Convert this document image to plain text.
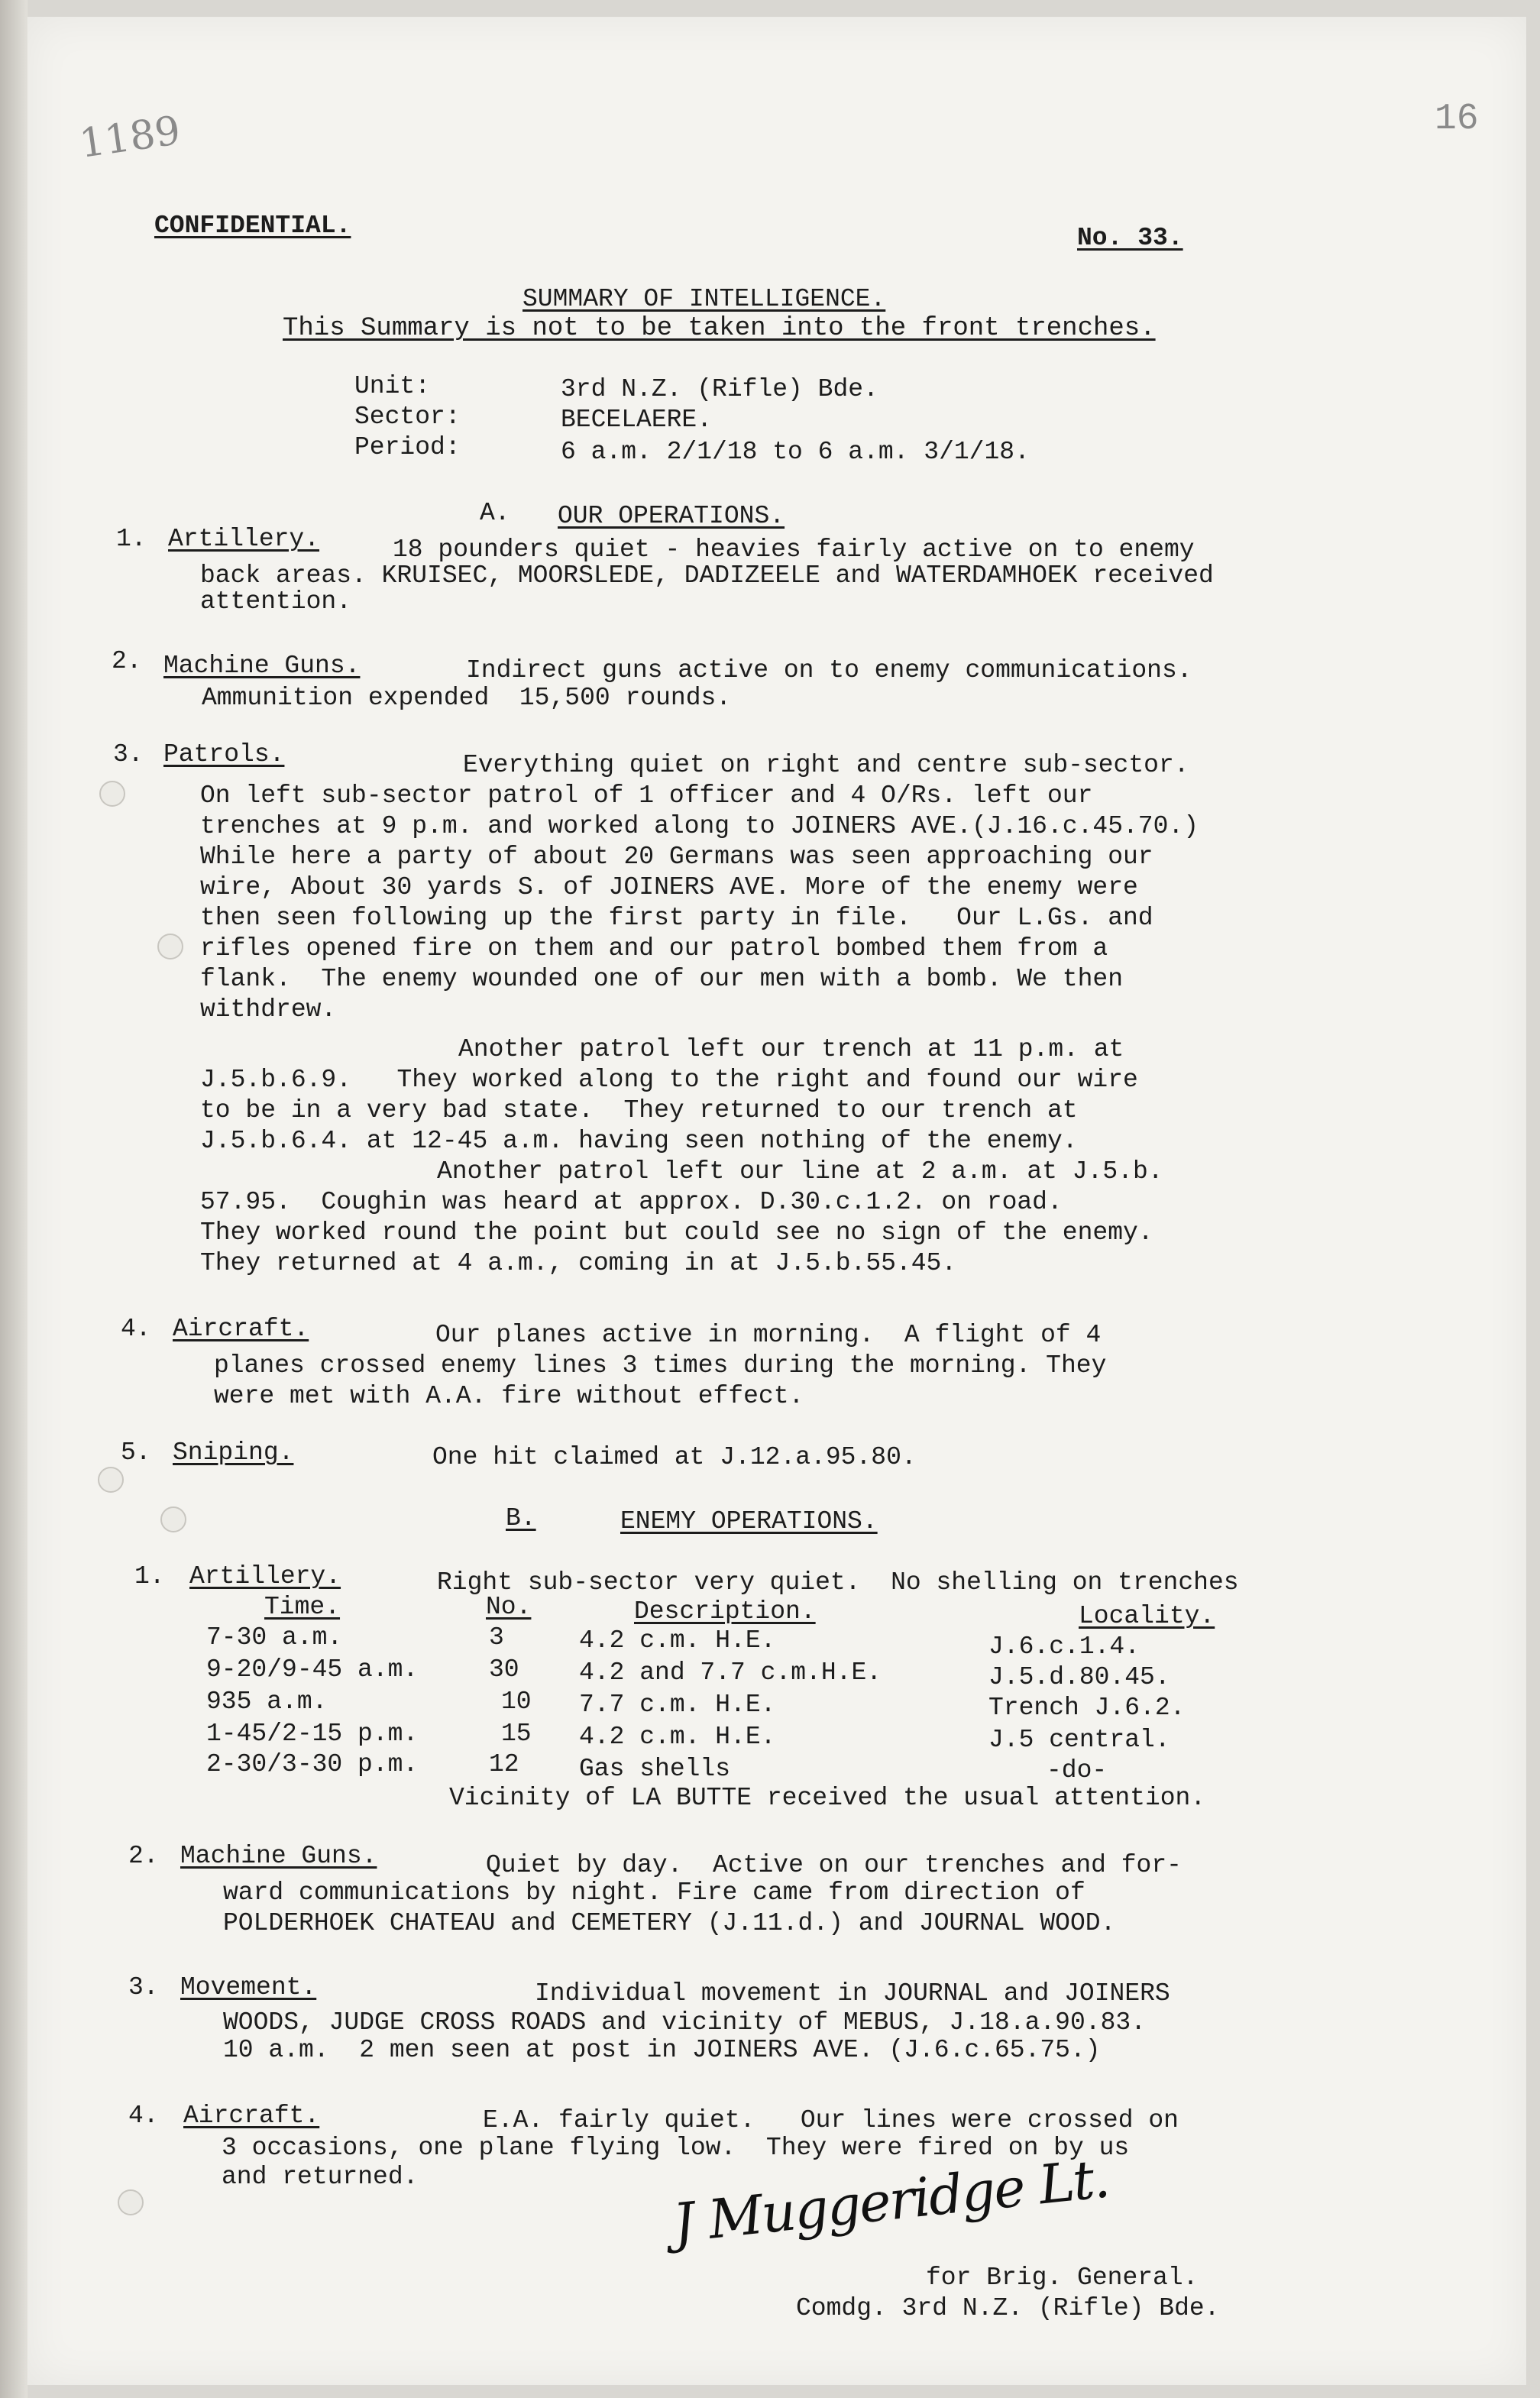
1189	16
CONFIDENTIAL.	No. 33.
SUMMARY OF INTELLIGENCE.
This Summary is not to be taken into the front trenches.
Unit:	3rd N.Z. (Rifle) Bde.
Sector:	BECELAERE.
Period:	6 a.m. 2/1/18 to 6 a.m. 3/1/18.
A. OUR OPERATIONS.
1. Artillery.	18 pounders quiet - heavies fairly active on to enemy
back areas. KRUISEC, MOORSLEDE, DADIZEELE and WATERDAMHOEK received
attention.
2. Machine Guns.	Indirect guns active on to enemy communications.
Ammunition expended  15,500 rounds.
3. Patrols.	Everything quiet on right and centre sub-sector.
On left sub-sector patrol of 1 officer and 4 O/Rs. left our
trenches at 9 p.m. and worked along to JOINERS AVE.(J.16.c.45.70.)
While here a party of about 20 Germans was seen approaching our
wire, About 30 yards S. of JOINERS AVE. More of the enemy were
then seen following up the first party in file.   Our L.Gs. and
rifles opened fire on them and our patrol bombed them from a
flank.  The enemy wounded one of our men with a bomb. We then
withdrew.
Another patrol left our trench at 11 p.m. at
J.5.b.6.9.   They worked along to the right and found our wire
to be in a very bad state.  They returned to our trench at
J.5.b.6.4. at 12-45 a.m. having seen nothing of the enemy.
Another patrol left our line at 2 a.m. at J.5.b.
57.95.  Coughin was heard at approx. D.30.c.1.2. on road.
They worked round the point but could see no sign of the enemy.
They returned at 4 a.m., coming in at J.5.b.55.45.
4. Aircraft.	Our planes active in morning.  A flight of 4
planes crossed enemy lines 3 times during the morning. They
were met with A.A. fire without effect.
5. Sniping.	One hit claimed at J.12.a.95.80.
B.	ENEMY OPERATIONS.
1. Artillery.	Right sub-sector very quiet.  No shelling on trenches
Time.	No.	Description.	Locality.
7-30 a.m.	3	4.2 c.m. H.E.	J.6.c.1.4.
9-20/9-45 a.m.	30 4.2 and 7.7 c.m.H.E.	J.5.d.80.45.
935 a.m.	10 7.7 c.m. H.E.	Trench J.6.2.
1-45/2-15 p.m.	15 4.2 c.m. H.E.	J.5 central.
2-30/3-30 p.m.	12 Gas shells	-do-
Vicinity of LA BUTTE received the usual attention.
2. Machine Guns.	Quiet by day.  Active on our trenches and for-
ward communications by night. Fire came from direction of
POLDERHOEK CHATEAU and CEMETERY (J.11.d.) and JOURNAL WOOD.
3. Movement.	Individual movement in JOURNAL and JOINERS
WOODS, JUDGE CROSS ROADS and vicinity of MEBUS, J.18.a.90.83.
10 a.m.  2 men seen at post in JOINERS AVE. (J.6.c.65.75.)
4. Aircraft.	E.A. fairly quiet.   Our lines were crossed on
3 occasions, one plane flying low.  They were fired on by us
and returned.	J Muggeridge Lt.
for Brig. General.
Comdg. 3rd N.Z. (Rifle) Bde.
